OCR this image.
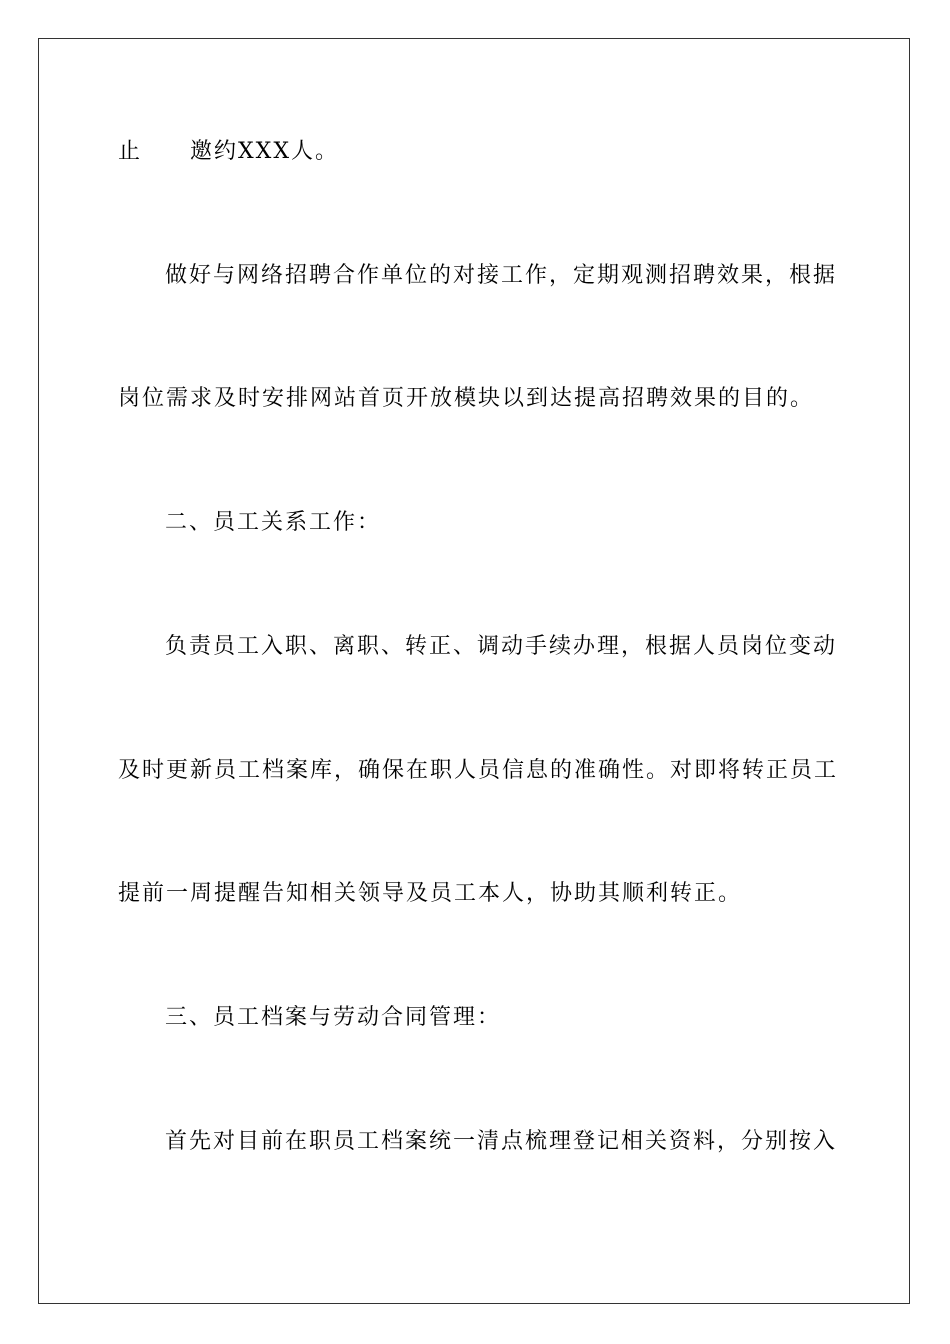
止　　邀约XXX人。
做好与网络招聘合作单位的对接工作，定期观测招聘效果，根据
岗位需求及时安排网站首页开放模块以到达提高招聘效果的目的。
二、员工关系工作：
负责员工入职、离职、转正、调动手续办理，根据人员岗位变动
及时更新员工档案库，确保在职人员信息的准确性。对即将转正员工
提前一周提醒告知相关领导及员工本人，协助其顺利转正。
三、员工档案与劳动合同管理：
首先对目前在职员工档案统一清点梳理登记相关资料，分别按入
